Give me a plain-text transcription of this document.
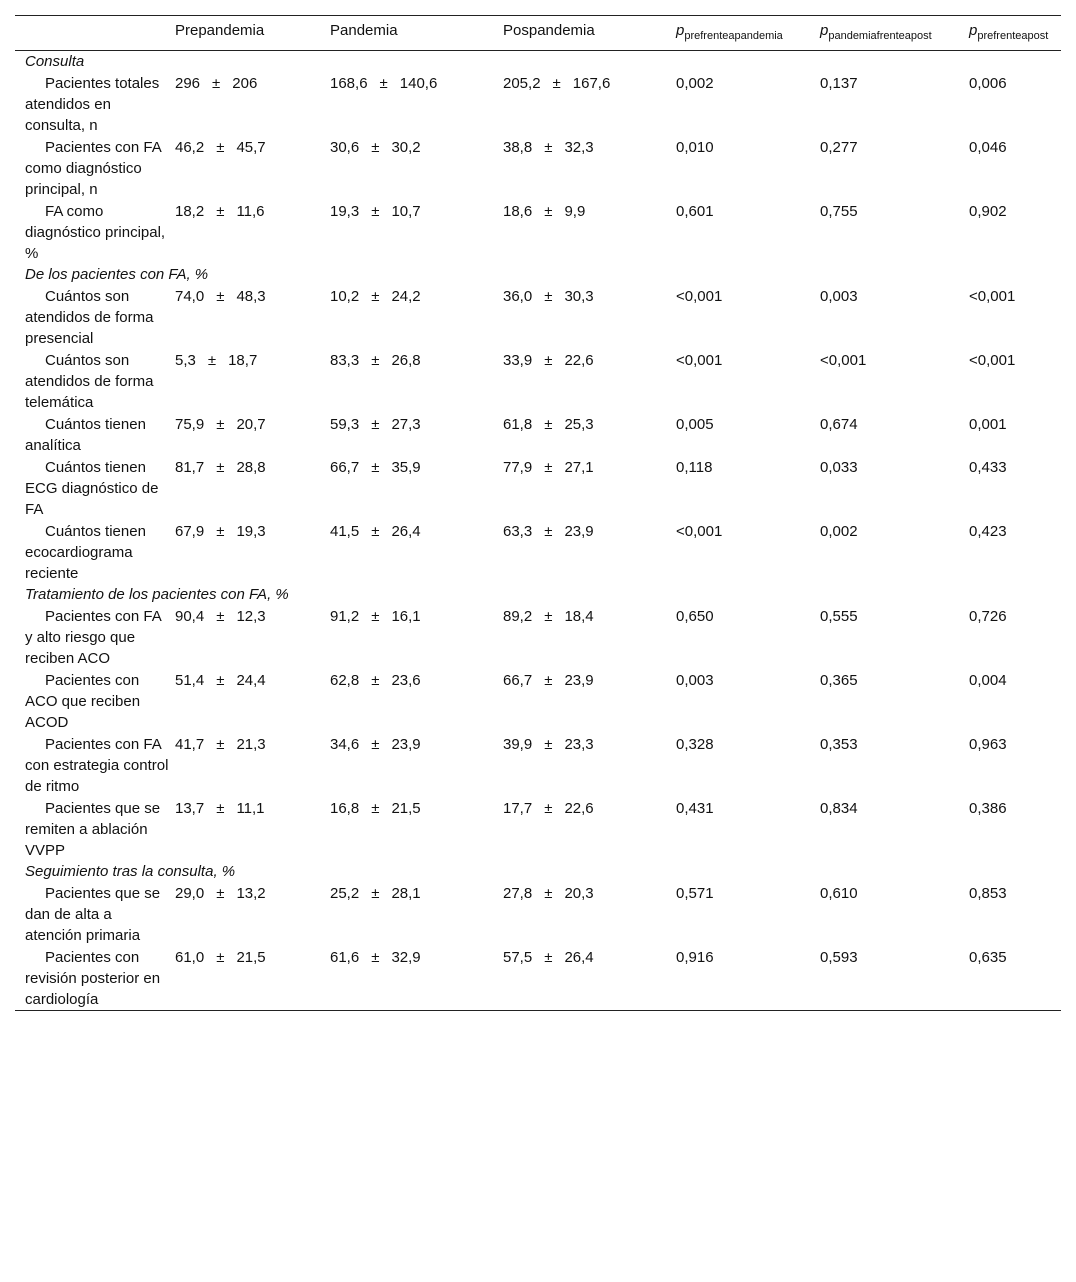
	Prepandemia	Pandemia	Pospandemia	$p_{prefrenteapandemia}$	$p_{pandemiafrenteapost}$	$p_{prefrenteapost}$
Consulta						
Pacientes totales atendidos en consulta, n	296 ± 206	168,6 ± 140,6	205,2 ± 167,6	0,002	0,137	0,006
Pacientes con FA como diagnóstico principal, n	46,2 ± 45,7	30,6 ± 30,2	38,8 ± 32,3	0,010	0,277	0,046
FA como diagnóstico principal, %	18,2 ± 11,6	19,3 ± 10,7	18,6 ± 9,9	0,601	0,755	0,902
De los pacientes con FA, %						
Cuántos son atendidos de forma presencial	74,0 ± 48,3	10,2 ± 24,2	36,0 ± 30,3	<0,001	0,003	<0,001
Cuántos son atendidos de forma telemática	5,3 ± 18,7	83,3 ± 26,8	33,9 ± 22,6	<0,001	<0,001	<0,001
Cuántos tienen analítica	75,9 ± 20,7	59,3 ± 27,3	61,8 ± 25,3	0,005	0,674	0,001
Cuántos tienen ECG diagnóstico de FA	81,7 ± 28,8	66,7 ± 35,9	77,9 ± 27,1	0,118	0,033	0,433
Cuántos tienen ecocardiograma reciente	67,9 ± 19,3	41,5 ± 26,4	63,3 ± 23,9	<0,001	0,002	0,423
Tratamiento de los pacientes con FA, %						
Pacientes con FA y alto riesgo que reciben ACO	90,4 ± 12,3	91,2 ± 16,1	89,2 ± 18,4	0,650	0,555	0,726
Pacientes con ACO que reciben ACOD	51,4 ± 24,4	62,8 ± 23,6	66,7 ± 23,9	0,003	0,365	0,004
Pacientes con FA con estrategia control de ritmo	41,7 ± 21,3	34,6 ± 23,9	39,9 ± 23,3	0,328	0,353	0,963
Pacientes que se remiten a ablación VVPP	13,7 ± 11,1	16,8 ± 21,5	17,7 ± 22,6	0,431	0,834	0,386
Seguimiento tras la consulta, %						
Pacientes que se dan de alta a atención primaria	29,0 ± 13,2	25,2 ± 28,1	27,8 ± 20,3	0,571	0,610	0,853
Pacientes con revisión posterior en cardiología	61,0 ± 21,5	61,6 ± 32,9	57,5 ± 26,4	0,916	0,593	0,635
